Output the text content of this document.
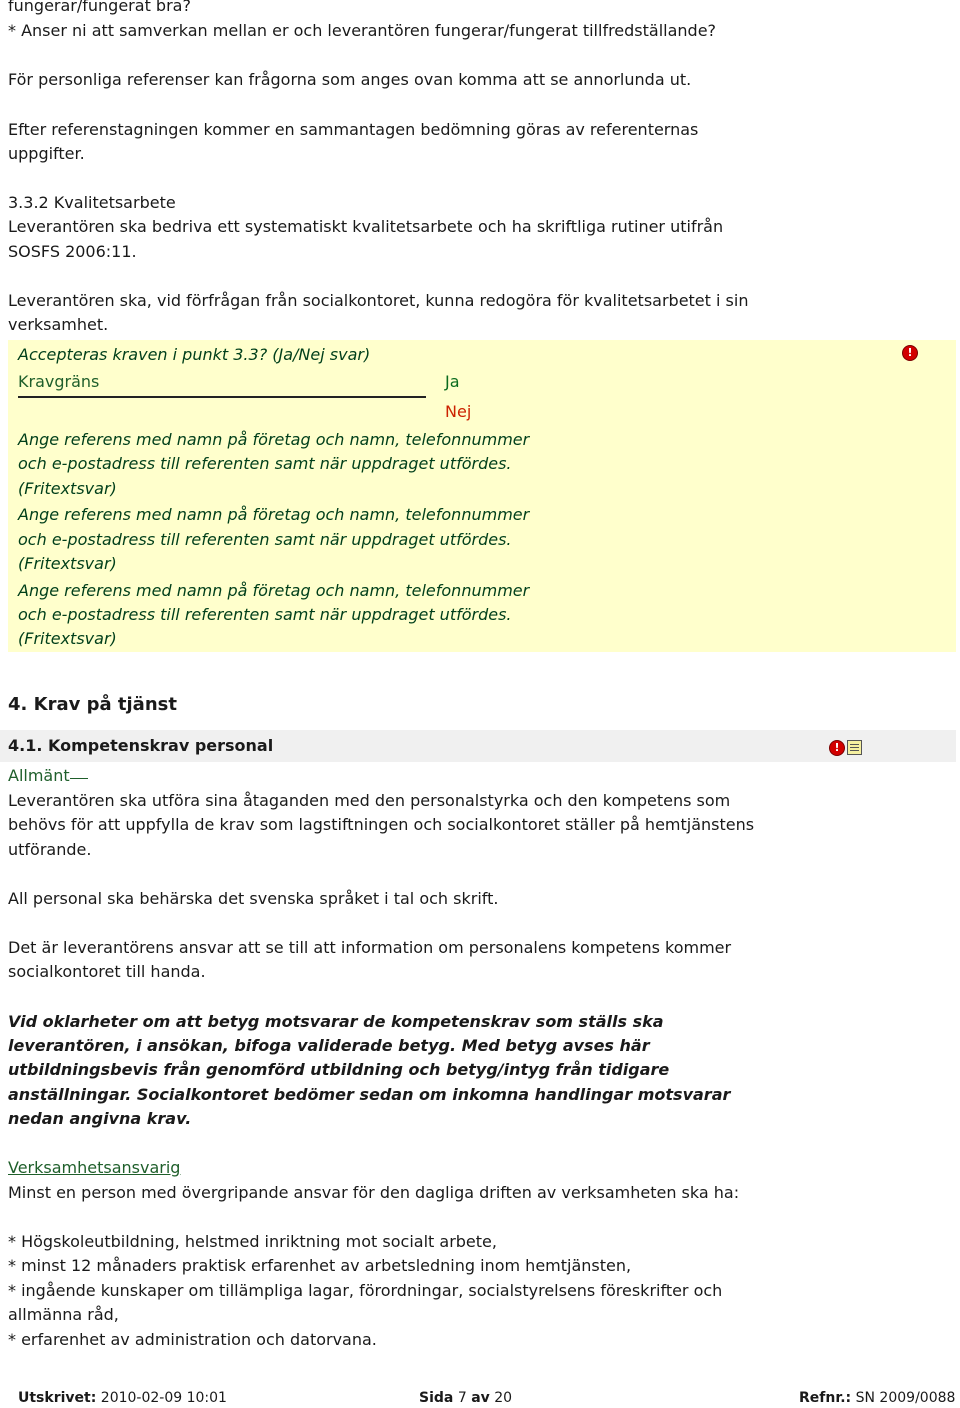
fungerar/fungerat bra?
* Anser ni att samverkan mellan er och leverantören fungerar/fungerat tillfredställande?
För personliga referenser kan frågorna som anges ovan komma att se annorlunda ut.
Efter referenstagningen kommer en sammantagen bedömning göras av referenternas
uppgifter.
3.3.2 Kvalitetsarbete
Leverantören ska bedriva ett systematiskt kvalitetsarbete och ha skriftliga rutiner utifrån
SOSFS 2006:11.
Leverantören ska, vid förfrågan från socialkontoret, kunna redogöra för kvalitetsarbetet i sin
verksamhet.
Accepteras kraven i punkt 3.3? (Ja/Nej svar)	!
Kravgräns	Ja
Nej
Ange referens med namn på företag och namn, telefonnummer
och e-postadress till referenten samt när uppdraget utfördes.
(Fritextsvar)
Ange referens med namn på företag och namn, telefonnummer
och e-postadress till referenten samt när uppdraget utfördes.
(Fritextsvar)
Ange referens med namn på företag och namn, telefonnummer
och e-postadress till referenten samt när uppdraget utfördes.
(Fritextsvar)
4. Krav på tjänst
4.1. Kompetenskrav personal	!
Allmänt
Leverantören ska utföra sina åtaganden med den personalstyrka och den kompetens som
behövs för att uppfylla de krav som lagstiftningen och socialkontoret ställer på hemtjänstens
utförande.
All personal ska behärska det svenska språket i tal och skrift.
Det är leverantörens ansvar att se till att information om personalens kompetens kommer
socialkontoret till handa.
Vid oklarheter om att betyg motsvarar de kompetenskrav som ställs ska
leverantören, i ansökan, bifoga validerade betyg. Med betyg avses här
utbildningsbevis från genomförd utbildning och betyg/intyg från tidigare
anställningar. Socialkontoret bedömer sedan om inkomna handlingar motsvarar
nedan angivna krav.
Verksamhetsansvarig
Minst en person med övergripande ansvar för den dagliga driften av verksamheten ska ha:
* Högskoleutbildning, helstmed inriktning mot socialt arbete,
* minst 12 månaders praktisk erfarenhet av arbetsledning inom hemtjänsten,
* ingående kunskaper om tillämpliga lagar, förordningar, socialstyrelsens föreskrifter och
allmänna råd,
* erfarenhet av administration och datorvana.
Utskrivet: 2010-02-09 10:01	Sida 7 av 20	Refnr.: SN 2009/0088
